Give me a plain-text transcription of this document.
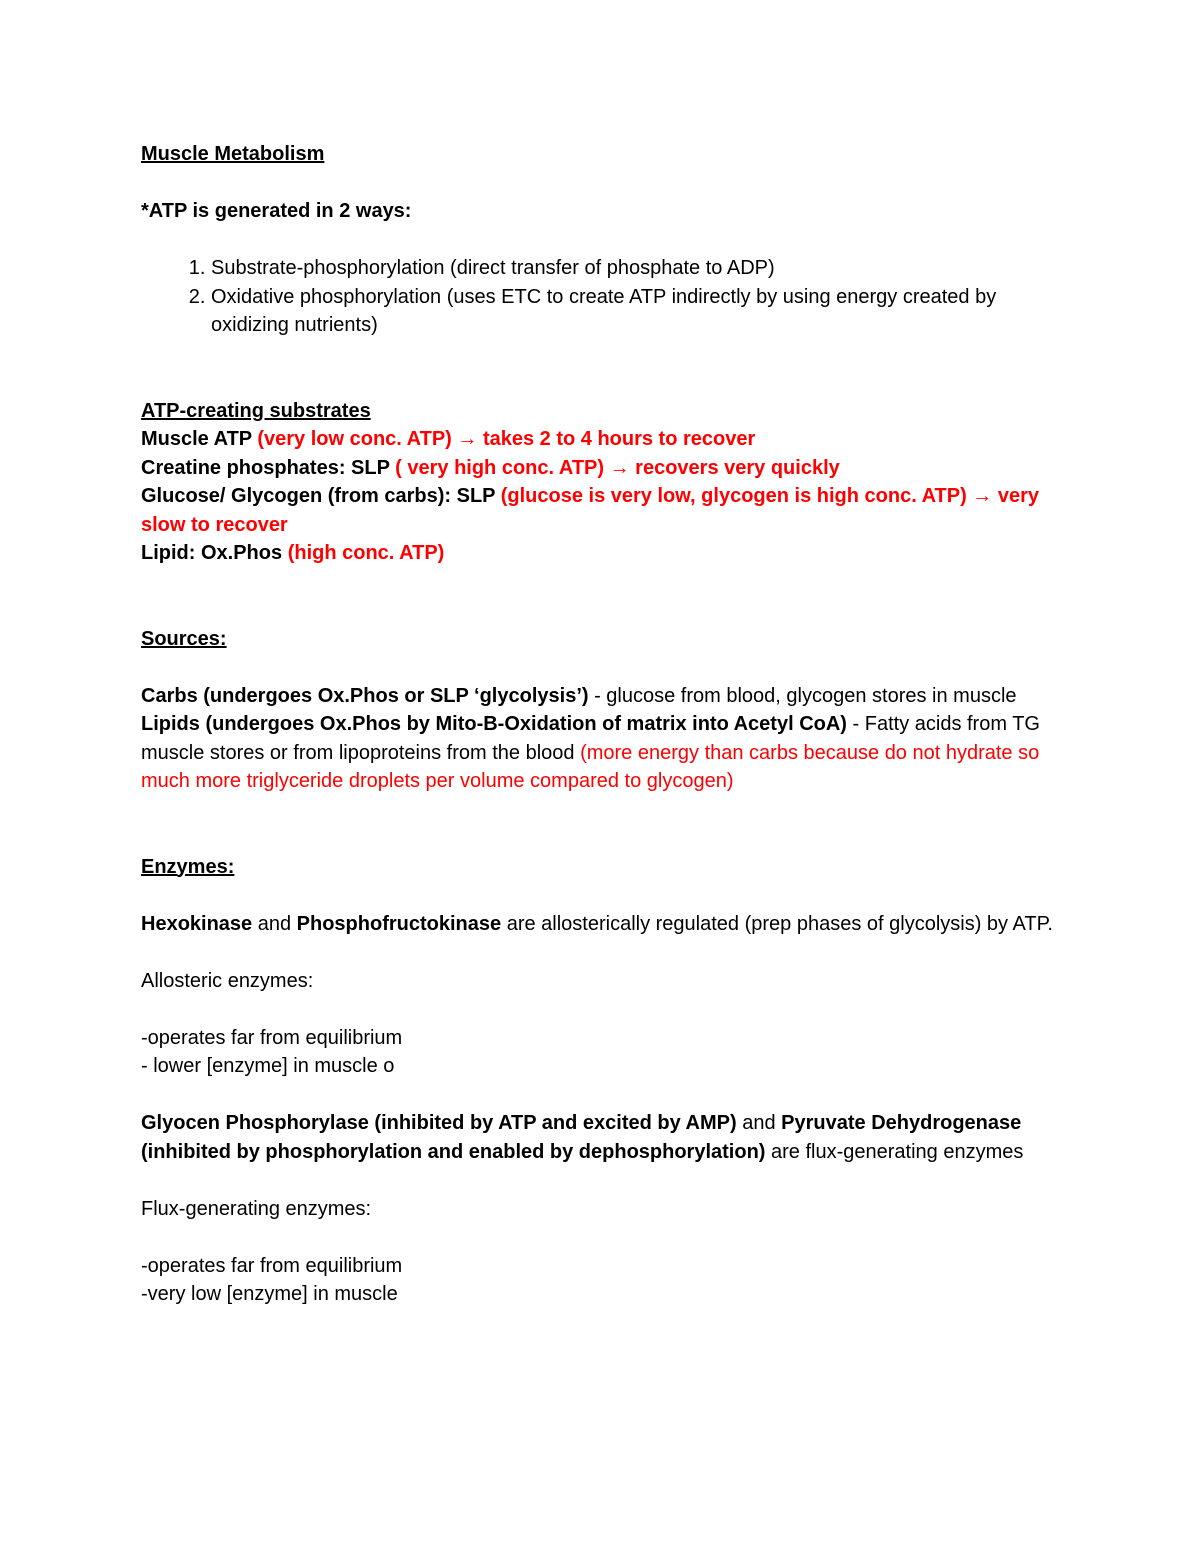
Muscle Metabolism
*ATP is generated in 2 ways:
1. Substrate-phosphorylation (direct transfer of phosphate to ADP)
2. Oxidative phosphorylation (uses ETC to create ATP indirectly by using energy created by oxidizing nutrients)
ATP-creating substrates
Muscle ATP (very low conc. ATP) → takes 2 to 4 hours to recover
Creatine phosphates: SLP ( very high conc. ATP) → recovers very quickly
Glucose/ Glycogen (from carbs): SLP (glucose is very low, glycogen is high conc. ATP) → very slow to recover
Lipid: Ox.Phos (high conc. ATP)
Sources:
Carbs (undergoes Ox.Phos or SLP ‘glycolysis’) - glucose from blood, glycogen stores in muscle
Lipids (undergoes Ox.Phos by Mito-B-Oxidation of matrix into Acetyl CoA) - Fatty acids from TG muscle stores or from lipoproteins from the blood (more energy than carbs because do not hydrate so much more triglyceride droplets per volume compared to glycogen)
Enzymes:
Hexokinase and Phosphofructokinase are allosterically regulated (prep phases of glycolysis) by ATP.
Allosteric enzymes:
-operates far from equilibrium
- lower [enzyme] in muscle o
Glyocen Phosphorylase (inhibited by ATP and excited by AMP) and Pyruvate Dehydrogenase (inhibited by phosphorylation and enabled by dephosphorylation) are flux-generating enzymes
Flux-generating enzymes:
-operates far from equilibrium
-very low [enzyme] in muscle
